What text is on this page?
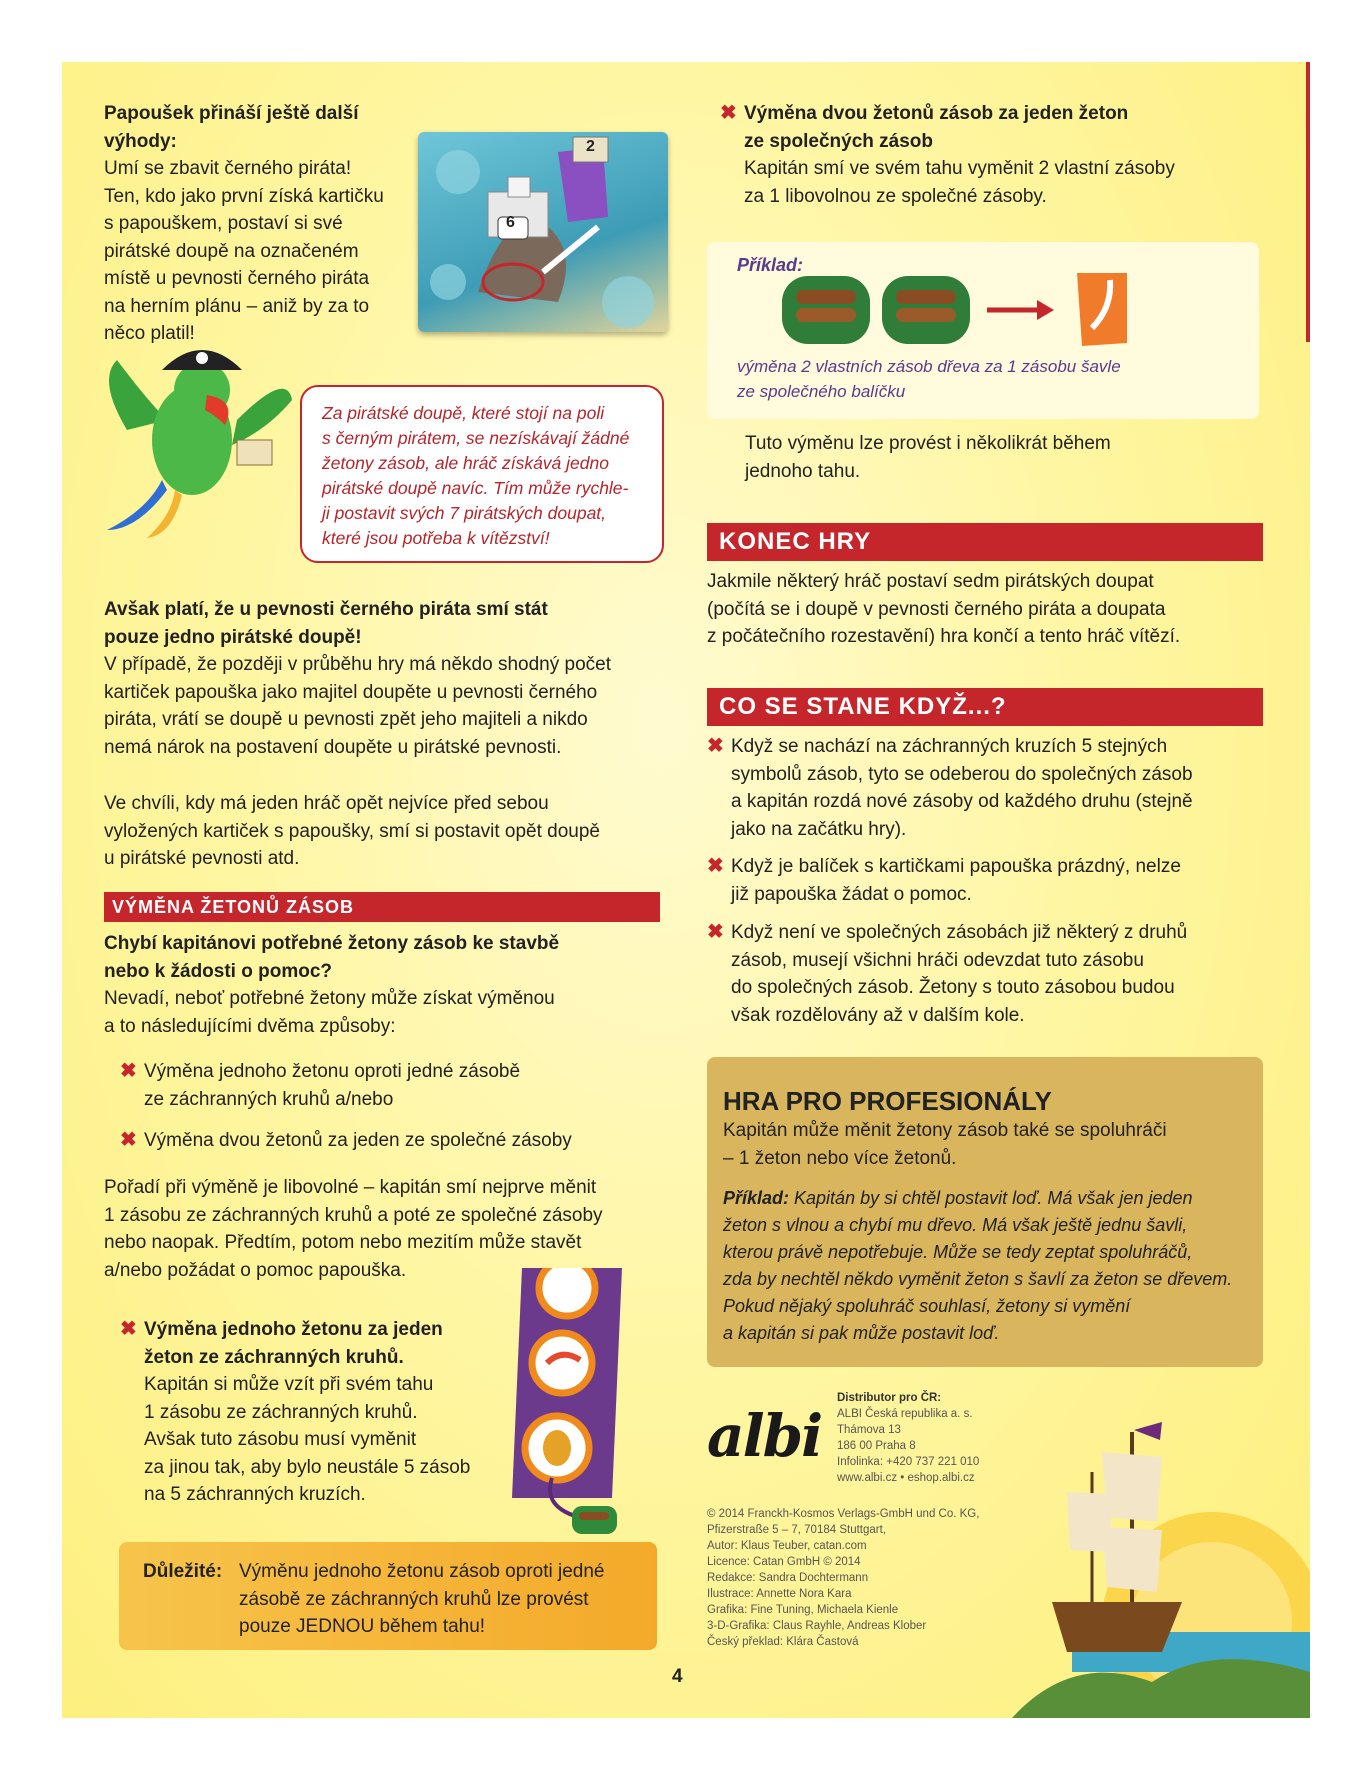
Papoušek přináší ještě další výhody:
Umí se zbavit černého piráta!
Ten, kdo jako první získá kartičku
s papouškem, postaví si své
pirátské doupě na označeném
místě u pevnosti černého piráta
na herním plánu – aniž by za to
něco platil!
6
2
Za pirátské doupě, které stojí na poli
s černým pirátem, se nezískávají žádné
žetony zásob, ale hráč získává jedno
pirátské doupě navíc. Tím může rychle-
ji postavit svých 7 pirátských doupat,
které jsou potřeba k vítězství!
Avšak platí, že u pevnosti černého piráta smí stát
pouze jedno pirátské doupě!
V případě, že později v průběhu hry má někdo shodný počet
kartiček papouška jako majitel doupěte u pevnosti černého
piráta, vrátí se doupě u pevnosti zpět jeho majiteli a nikdo
nemá nárok na postavení doupěte u pirátské pevnosti.
Ve chvíli, kdy má jeden hráč opět nejvíce před sebou
vyložených kartiček s papoušky, smí si postavit opět doupě
u pirátské pevnosti atd.
VÝMĚNA ŽETONŮ ZÁSOB
Chybí kapitánovi potřebné žetony zásob ke stavbě
nebo k žádosti o pomoc?
Nevadí, neboť potřebné žetony může získat výměnou
a to následujícími dvěma způsoby:
✖ Výměna jednoho žetonu oproti jedné zásobě
ze záchranných kruhů a/nebo
✖ Výměna dvou žetonů za jeden ze společné zásoby
Pořadí při výměně je libovolné – kapitán smí nejprve měnit
1 zásobu ze záchranných kruhů a poté ze společné zásoby
nebo naopak. Předtím, potom nebo mezitím může stavět
a/nebo požádat o pomoc papouška.
✖ Výměna jednoho žetonu za jeden
žeton ze záchranných kruhů.
Kapitán si může vzít při svém tahu
1 zásobu ze záchranných kruhů.
Avšak tuto zásobu musí vyměnit
za jinou tak, aby bylo neustále 5 zásob
na 5 záchranných kruzích.
Důležité: Výměnu jednoho žetonu zásob oproti jedné
zásobě ze záchranných kruhů lze provést
pouze JEDNOU během tahu!
✖ Výměna dvou žetonů zásob za jeden žeton
ze společných zásob
Kapitán smí ve svém tahu vyměnit 2 vlastní zásoby
za 1 libovolnou ze společné zásoby.
Příklad:
výměna 2 vlastních zásob dřeva za 1 zásobu šavle
ze společného balíčku
Tuto výměnu lze provést i několikrát během
jednoho tahu.
KONEC HRY
Jakmile některý hráč postaví sedm pirátských doupat
(počítá se i doupě v pevnosti černého piráta a doupata
z počátečního rozestavění) hra končí a tento hráč vítězí.
CO SE STANE KDYŽ...?
✖ Když se nachází na záchranných kruzích 5 stejných
symbolů zásob, tyto se odeberou do společných zásob
a kapitán rozdá nové zásoby od každého druhu (stejně
jako na začátku hry).
✖ Když je balíček s kartičkami papouška prázdný, nelze
již papouška žádat o pomoc.
✖ Když není ve společných zásobách již některý z druhů
zásob, musejí všichni hráči odevzdat tuto zásobu
do společných zásob. Žetony s touto zásobou budou
však rozdělovány až v dalším kole.
HRA PRO PROFESIONÁLY
Kapitán může měnit žetony zásob také se spoluhráči
– 1 žeton nebo více žetonů.
Příklad: Kapitán by si chtěl postavit loď. Má však jen jeden
žeton s vlnou a chybí mu dřevo. Má však ještě jednu šavli,
kterou právě nepotřebuje. Může se tedy zeptat spoluhráčů,
zda by nechtěl někdo vyměnit žeton s šavlí za žeton se dřevem.
Pokud nějaký spoluhráč souhlasí, žetony si vymění
a kapitán si pak může postavit loď.
albi
Distributor pro ČR:
ALBI Česká republika a. s.
Thámova 13
186 00 Praha 8
Infolinka: +420 737 221 010
www.albi.cz • eshop.albi.cz
© 2014 Franckh-Kosmos Verlags-GmbH und Co. KG,
Pfizerstraße 5 – 7, 70184 Stuttgart,
Autor: Klaus Teuber, catan.com
Licence: Catan GmbH © 2014
Redakce: Sandra Dochtermann
Ilustrace: Annette Nora Kara
Grafika: Fine Tuning, Michaela Kienle
3-D-Grafika: Claus Rayhle, Andreas Klober
Český překlad: Klára Častová
4
